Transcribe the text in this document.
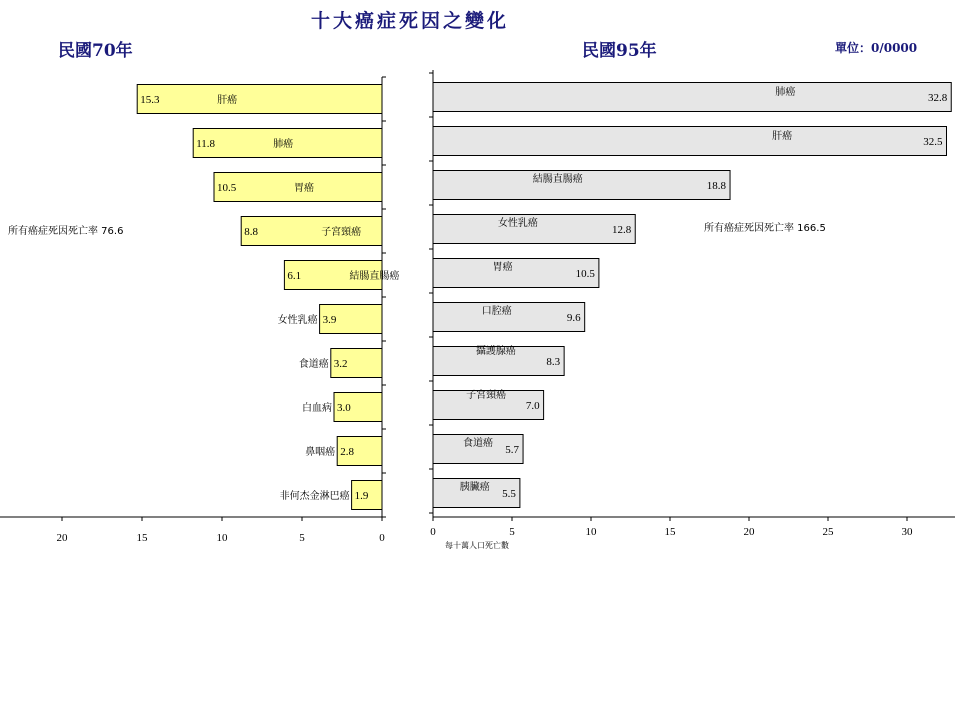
十大癌症死因之變化
民國70年	民國95年	單位：0/0000
20	15	10	5	0
15.3	肝癌
11.8	肺癌
10.5	胃癌
8.8	子宮頸癌
6.1	結腸直腸癌
3.9
女性乳癌
3.2
食道癌
3.0
白血病
2.8
鼻咽癌
1.9
非何杰金淋巴癌
所有癌症死因死亡率 76.6
0	5	10	15	20	25	30
每十萬人口死亡數
32.8
肺癌
32.5
肝癌
18.8
結腸直腸癌
12.8
女性乳癌
10.5
胃癌
9.6
口腔癌
8.3
攝護腺癌
7.0
子宮頸癌
5.7
食道癌
5.5
胰臟癌
所有癌症死因死亡率 166.5
